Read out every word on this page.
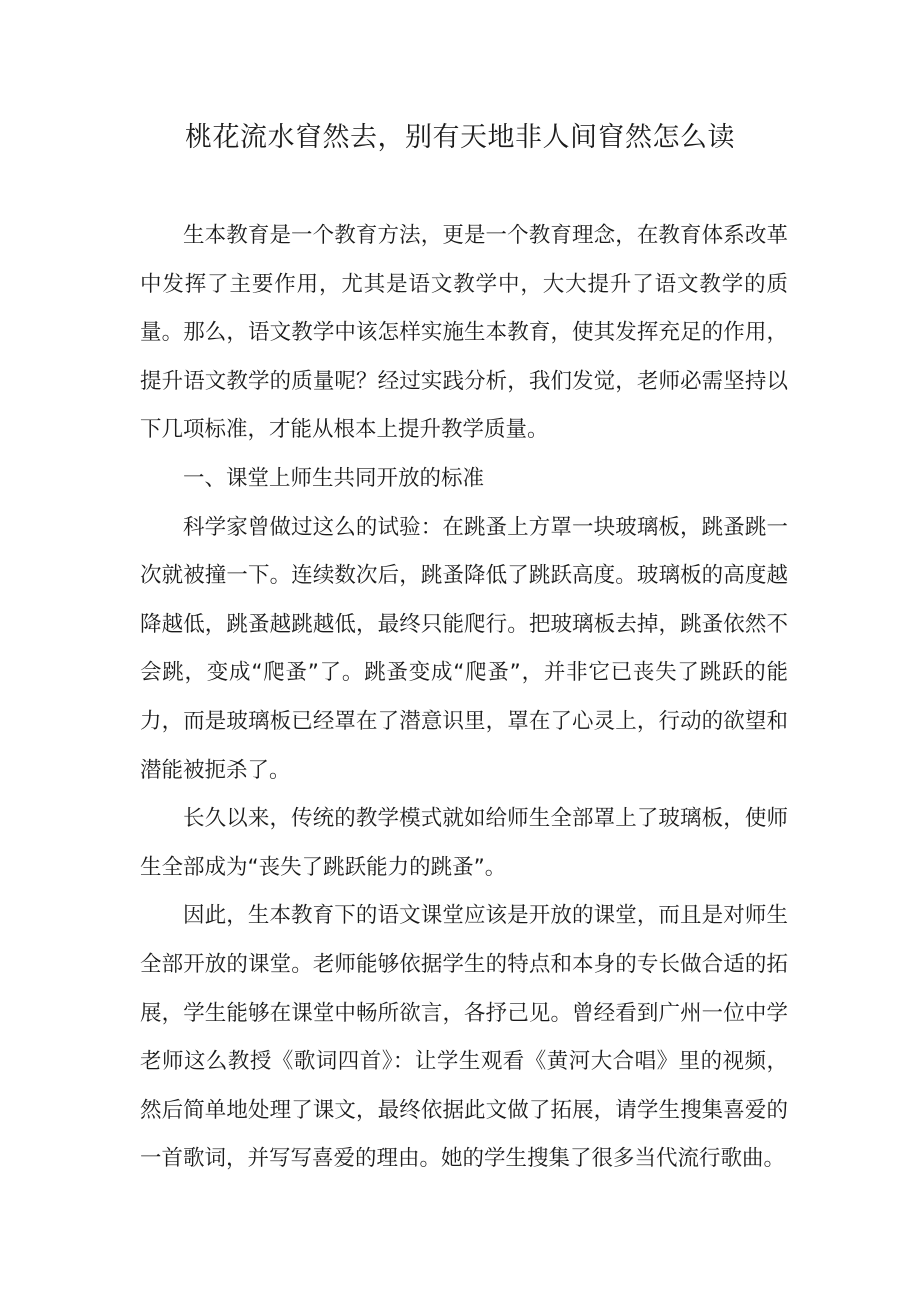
桃花流水窅然去，别有天地非人间窅然怎么读

生本教育是一个教育方法，更是一个教育理念，在教育体系改革中发挥了主要作用，尤其是语文教学中，大大提升了语文教学的质量。那么，语文教学中该怎样实施生本教育，使其发挥充足的作用，提升语文教学的质量呢？经过实践分析，我们发觉，老师必需坚持以下几项标准，才能从根本上提升教学质量。

一、课堂上师生共同开放的标准

科学家曾做过这么的试验：在跳蚤上方罩一块玻璃板，跳蚤跳一次就被撞一下。连续数次后，跳蚤降低了跳跃高度。玻璃板的高度越降越低，跳蚤越跳越低，最终只能爬行。把玻璃板去掉，跳蚤依然不会跳，变成“爬蚤”了。跳蚤变成“爬蚤”，并非它已丧失了跳跃的能力，而是玻璃板已经罩在了潜意识里，罩在了心灵上，行动的欲望和潜能被扼杀了。

长久以来，传统的教学模式就如给师生全部罩上了玻璃板，使师生全部成为“丧失了跳跃能力的跳蚤”。

因此，生本教育下的语文课堂应该是开放的课堂，而且是对师生全部开放的课堂。老师能够依据学生的特点和本身的专长做合适的拓展，学生能够在课堂中畅所欲言，各抒己见。曾经看到广州一位中学老师这么教授《歌词四首》：让学生观看《黄河大合唱》里的视频，然后简单地处理了课文，最终依据此文做了拓展，请学生搜集喜爱的一首歌词，并写写喜爱的理由。她的学生搜集了很多当代流行歌曲。
